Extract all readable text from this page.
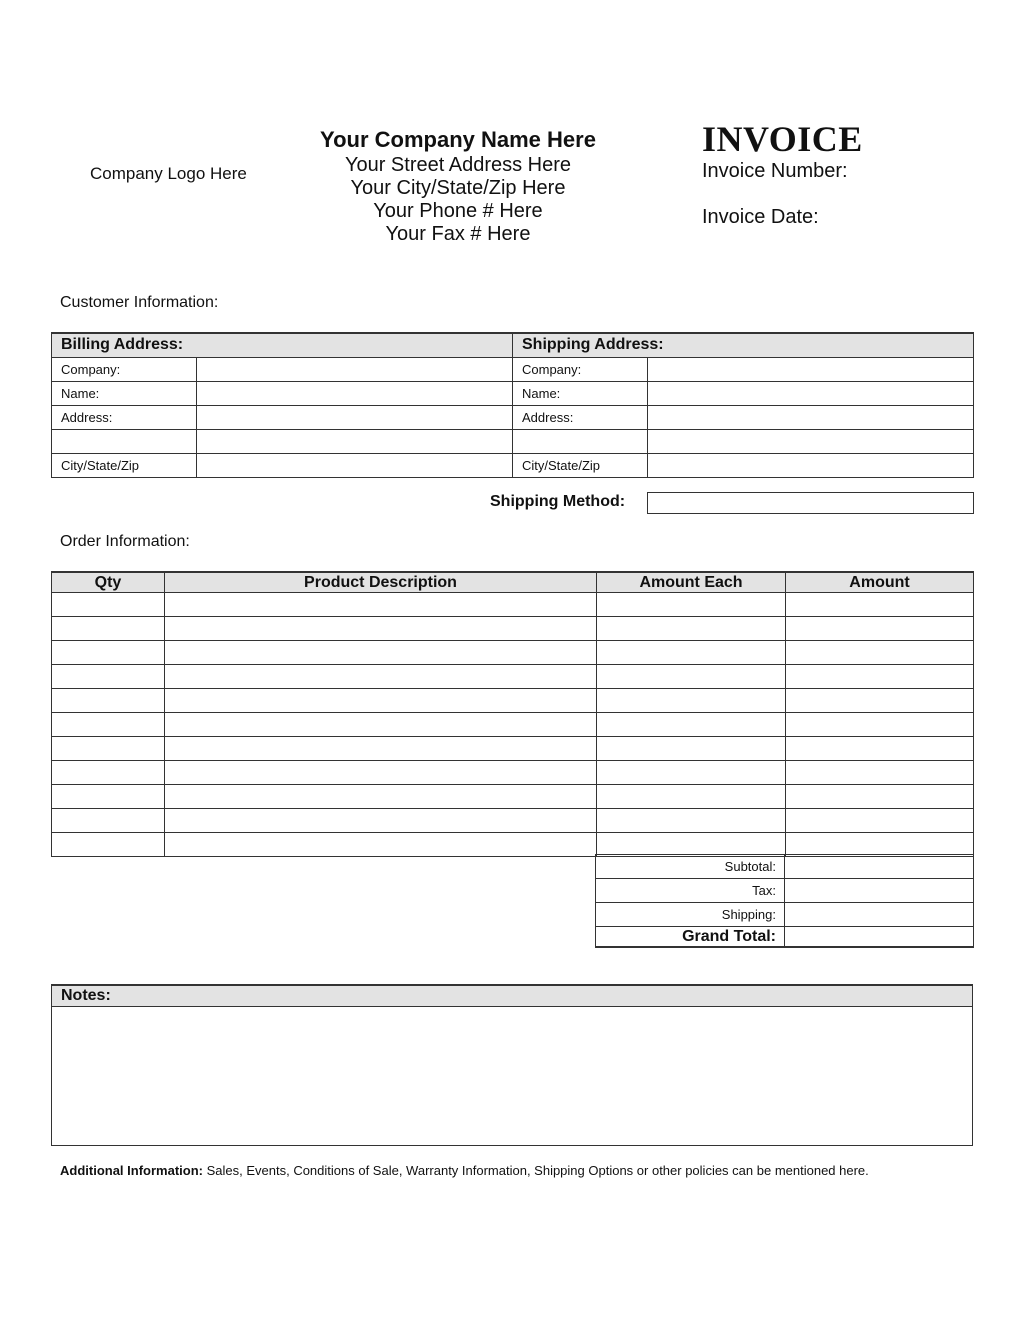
Company Logo Here
Your Company Name Here
Your Street Address Here
Your City/State/Zip Here
Your Phone # Here
Your Fax # Here
INVOICE
Invoice Number:
Invoice Date:
Customer Information:
Billing Address:		Shipping Address:	
Company:		Company:	
Name:		Name:	
Address:		Address:	

City/State/Zip		City/State/Zip	
Shipping Method:
Order Information:
Qty	Product Description	Amount Each	Amount

Subtotal:	
Tax:	
Shipping:	
Grand Total:	
Notes:
Additional Information: Sales, Events, Conditions of Sale, Warranty Information, Shipping Options or other policies can be mentioned here.
